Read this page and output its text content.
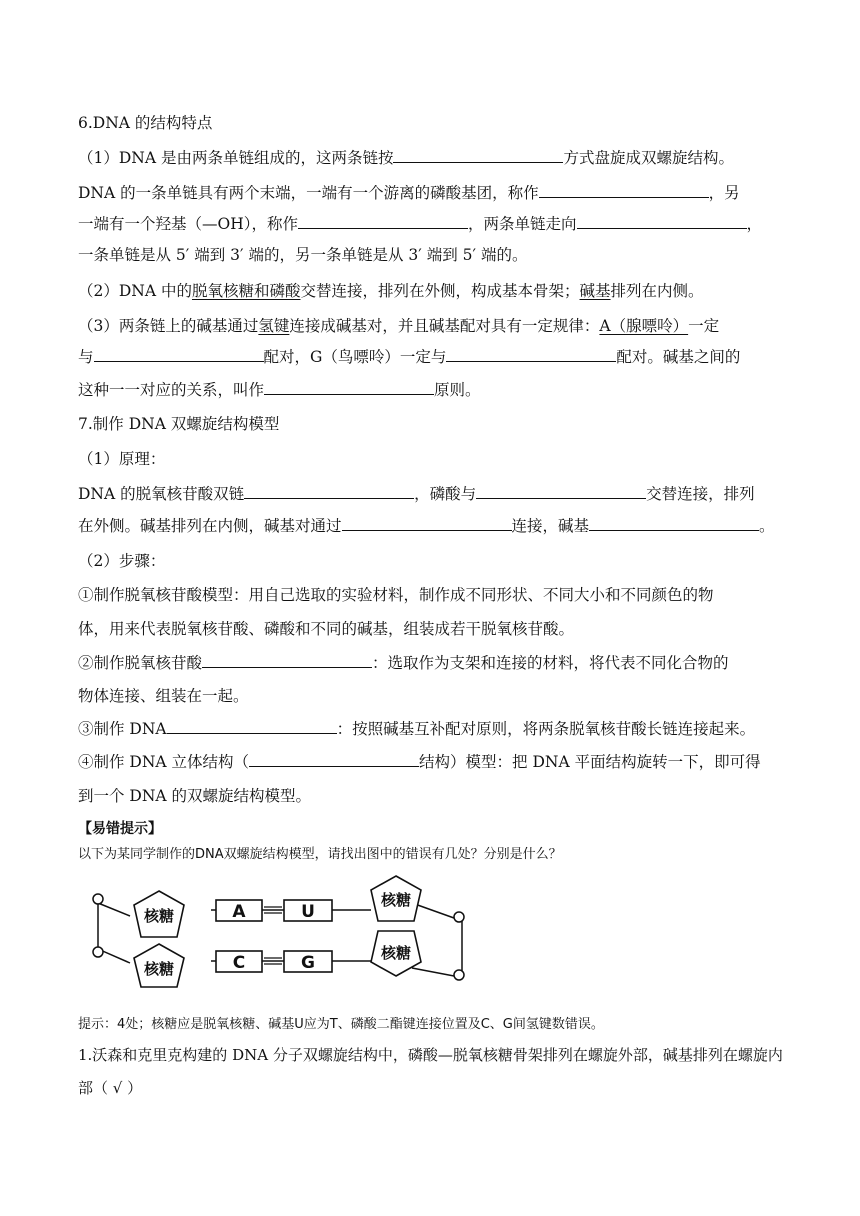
6.DNA 的结构特点
（1）DNA 是由两条单链组成的，这两条链按	方式盘旋成双螺旋结构。
DNA 的一条单链具有两个末端，一端有一个游离的磷酸基团，称作	，另
一端有一个羟基（—OH），称作	，两条单链走向	，
一条单链是从 5′ 端到 3′ 端的，另一条单链是从 3′ 端到 5′ 端的。
（2）DNA 中的脱氧核糖和磷酸交替连接，排列在外侧，构成基本骨架；碱基排列在内侧。
（3）两条链上的碱基通过氢键连接成碱基对，并且碱基配对具有一定规律：A（腺嘌呤）一定
与	配对，G（鸟嘌呤）一定与	配对。碱基之间的
这种一一对应的关系，叫作	原则。
7.制作 DNA 双螺旋结构模型
（1）原理：
DNA 的脱氧核苷酸双链	，磷酸与	交替连接，排列
在外侧。碱基排列在内侧，碱基对通过	连接，碱基	。
（2）步骤：
①制作脱氧核苷酸模型：用自己选取的实验材料，制作成不同形状、不同大小和不同颜色的物
体，用来代表脱氧核苷酸、磷酸和不同的碱基，组装成若干脱氧核苷酸。
②制作脱氧核苷酸	：选取作为支架和连接的材料，将代表不同化合物的
物体连接、组装在一起。
③制作 DNA	：按照碱基互补配对原则，将两条脱氧核苷酸长链连接起来。
④制作 DNA 立体结构（	结构）模型：把 DNA 平面结构旋转一下，即可得
到一个 DNA 的双螺旋结构模型。
【易错提示】
以下为某同学制作的DNA双螺旋结构模型，请找出图中的错误有几处？分别是什么？
核糖
核糖
核糖
核糖
A	U
C	G
提示：4处；核糖应是脱氧核糖、碱基U应为T、磷酸二酯键连接位置及C、G间氢键数错误。
1.沃森和克里克构建的 DNA 分子双螺旋结构中，磷酸—脱氧核糖骨架排列在螺旋外部，碱基排列在螺旋内
部（ √ ）
